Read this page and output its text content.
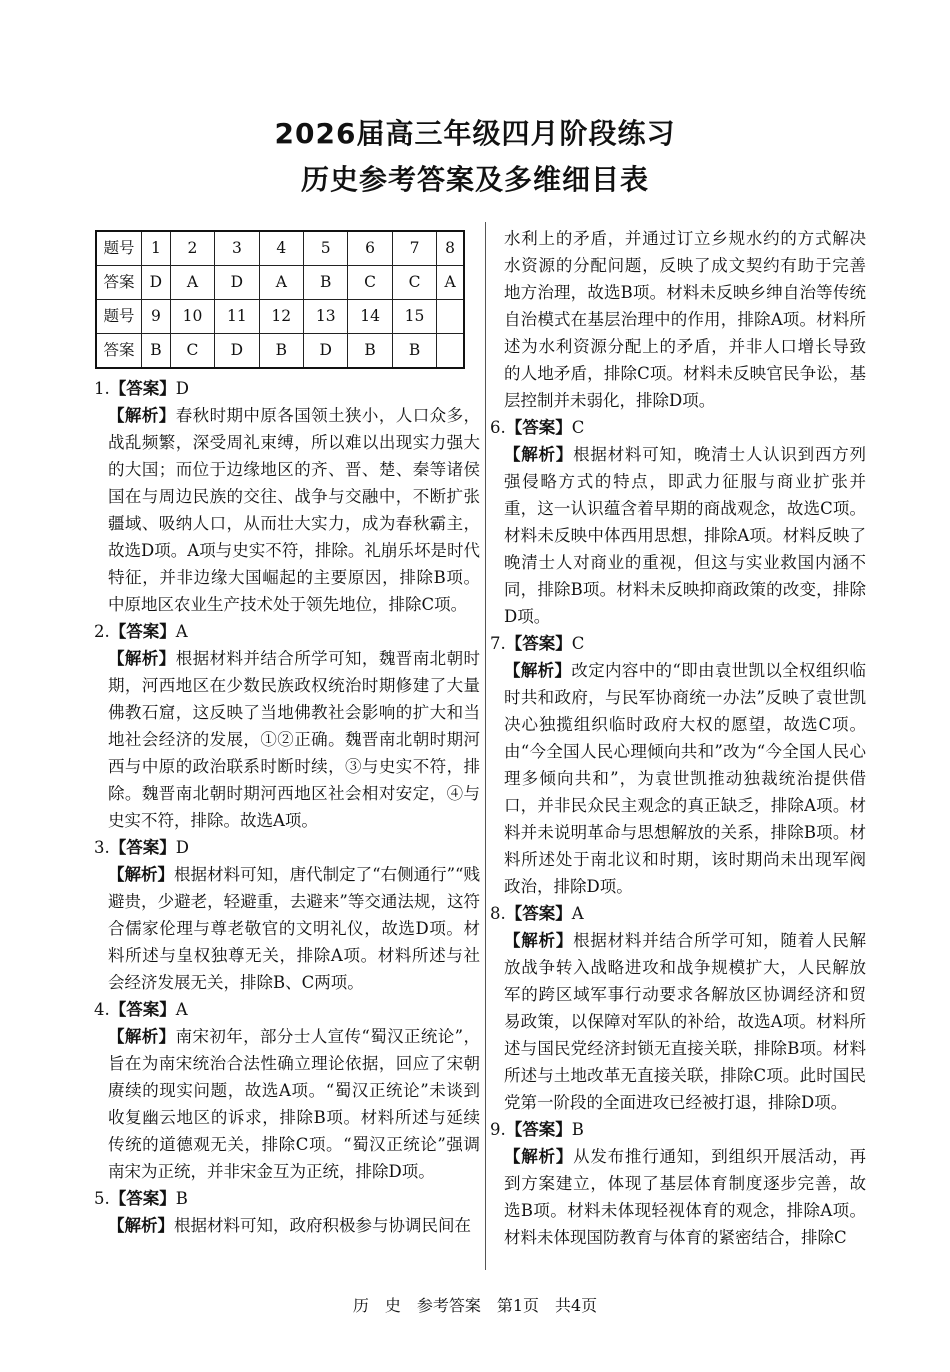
2026届高三年级四月阶段练习
历史参考答案及多维细目表
题号	1	2	3	4	5	6	7	8
答案	D	A	D	A	B	C	C	A
题号	9	10	11	12	13	14	15	
答案	B	C	D	B	D	B	B	
1.【答案】D
【解析】春秋时期中原各国领土狭小，人口众多，战乱频繁，深受周礼束缚，所以难以出现实力强大的大国；而位于边缘地区的齐、晋、楚、秦等诸侯国在与周边民族的交往、战争与交融中，不断扩张疆域、吸纳人口，从而壮大实力，成为春秋霸主，故选D项。A项与史实不符，排除。礼崩乐坏是时代特征，并非边缘大国崛起的主要原因，排除B项。中原地区农业生产技术处于领先地位，排除C项。
2.【答案】A
【解析】根据材料并结合所学可知，魏晋南北朝时期，河西地区在少数民族政权统治时期修建了大量佛教石窟，这反映了当地佛教社会影响的扩大和当地社会经济的发展，①②正确。魏晋南北朝时期河西与中原的政治联系时断时续，③与史实不符，排除。魏晋南北朝时期河西地区社会相对安定，④与史实不符，排除。故选A项。
3.【答案】D
【解析】根据材料可知，唐代制定了“右侧通行”“贱避贵，少避老，轻避重，去避来”等交通法规，这符合儒家伦理与尊老敬官的文明礼仪，故选D项。材料所述与皇权独尊无关，排除A项。材料所述与社会经济发展无关，排除B、C两项。
4.【答案】A
【解析】南宋初年，部分士人宣传“蜀汉正统论”，旨在为南宋统治合法性确立理论依据，回应了宋朝赓续的现实问题，故选A项。“蜀汉正统论”未谈到收复幽云地区的诉求，排除B项。材料所述与延续传统的道德观无关，排除C项。“蜀汉正统论”强调南宋为正统，并非宋金互为正统，排除D项。
5.【答案】B
【解析】根据材料可知，政府积极参与协调民间在
水利上的矛盾，并通过订立乡规水约的方式解决水资源的分配问题，反映了成文契约有助于完善地方治理，故选B项。材料未反映乡绅自治等传统自治模式在基层治理中的作用，排除A项。材料所述为水利资源分配上的矛盾，并非人口增长导致的人地矛盾，排除C项。材料未反映官民争讼，基层控制并未弱化，排除D项。
6.【答案】C
【解析】根据材料可知，晚清士人认识到西方列强侵略方式的特点，即武力征服与商业扩张并重，这一认识蕴含着早期的商战观念，故选C项。材料未反映中体西用思想，排除A项。材料反映了晚清士人对商业的重视，但这与实业救国内涵不同，排除B项。材料未反映抑商政策的改变，排除D项。
7.【答案】C
【解析】改定内容中的“即由袁世凯以全权组织临时共和政府，与民军协商统一办法”反映了袁世凯决心独揽组织临时政府大权的愿望，故选C项。由“今全国人民心理倾向共和”改为“今全国人民心理多倾向共和”，为袁世凯推动独裁统治提供借口，并非民众民主观念的真正缺乏，排除A项。材料并未说明革命与思想解放的关系，排除B项。材料所述处于南北议和时期，该时期尚未出现军阀政治，排除D项。
8.【答案】A
【解析】根据材料并结合所学可知，随着人民解放战争转入战略进攻和战争规模扩大，人民解放军的跨区域军事行动要求各解放区协调经济和贸易政策，以保障对军队的补给，故选A项。材料所述与国民党经济封锁无直接关联，排除B项。材料所述与土地改革无直接关联，排除C项。此时国民党第一阶段的全面进攻已经被打退，排除D项。
9.【答案】B
【解析】从发布推行通知，到组织开展活动，再到方案建立，体现了基层体育制度逐步完善，故选B项。材料未体现轻视体育的观念，排除A项。材料未体现国防教育与体育的紧密结合，排除C
历　史　参考答案　第1页　共4页
